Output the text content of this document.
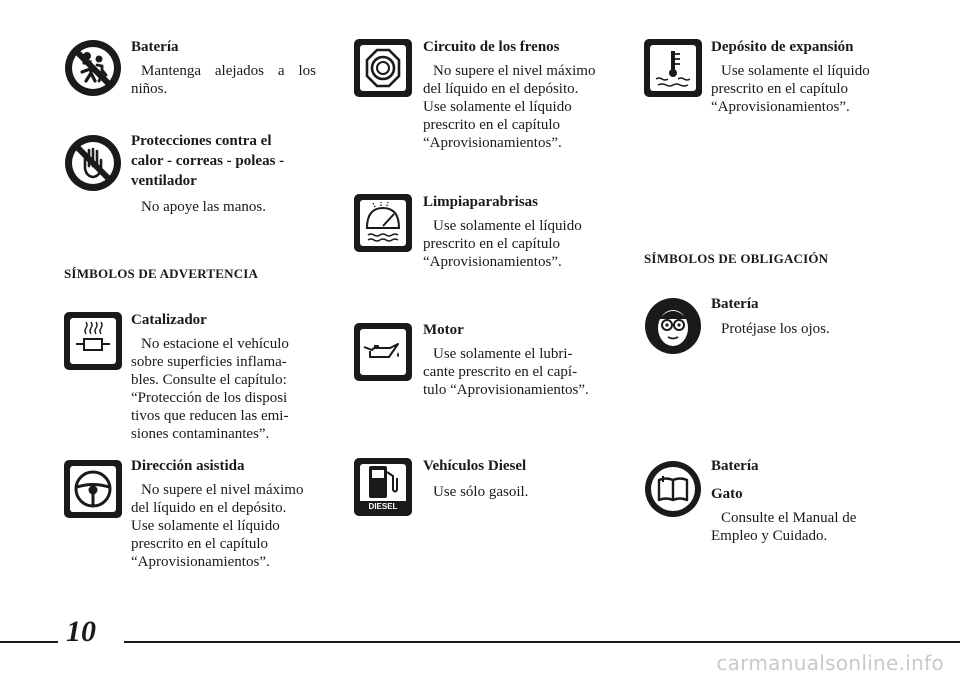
Batería

Mantenga alejados a los niños.

Protecciones contra el

calor - correas - poleas -

ventilador

No apoye las manos.

SÍMBOLOS DE ADVERTENCIA

Catalizador

No estacione el vehículo

sobre superficies inflama-

bles. Consulte el capítulo:

“Protección de los disposi

tivos que reducen las emi-

siones contaminantes”.

Dirección asistida

No supere el nivel máximo

del líquido en el depósito.

Use solamente el líquido

prescrito en el capítulo

“Aprovisionamientos”.

Circuito de los frenos

No supere el nivel máximo

del líquido en el depósito.

Use solamente el líquido

prescrito en el capítulo

“Aprovisionamientos”.

Limpiaparabrisas

Use solamente el líquido

prescrito en el capítulo

“Aprovisionamientos”.

Motor

Use solamente el lubri-

cante prescrito en el capí-

tulo “Aprovisionamientos”.

DIESEL

Vehículos Diesel

Use sólo gasoil.

Depósito de expansión

Use solamente el líquido

prescrito en el capítulo

“Aprovisionamientos”.

SÍMBOLOS DE OBLIGACIÓN

Batería

Protéjase los ojos.

Batería

Gato

Consulte el Manual de

Empleo y Cuidado.

10
carmanualsonline.info
